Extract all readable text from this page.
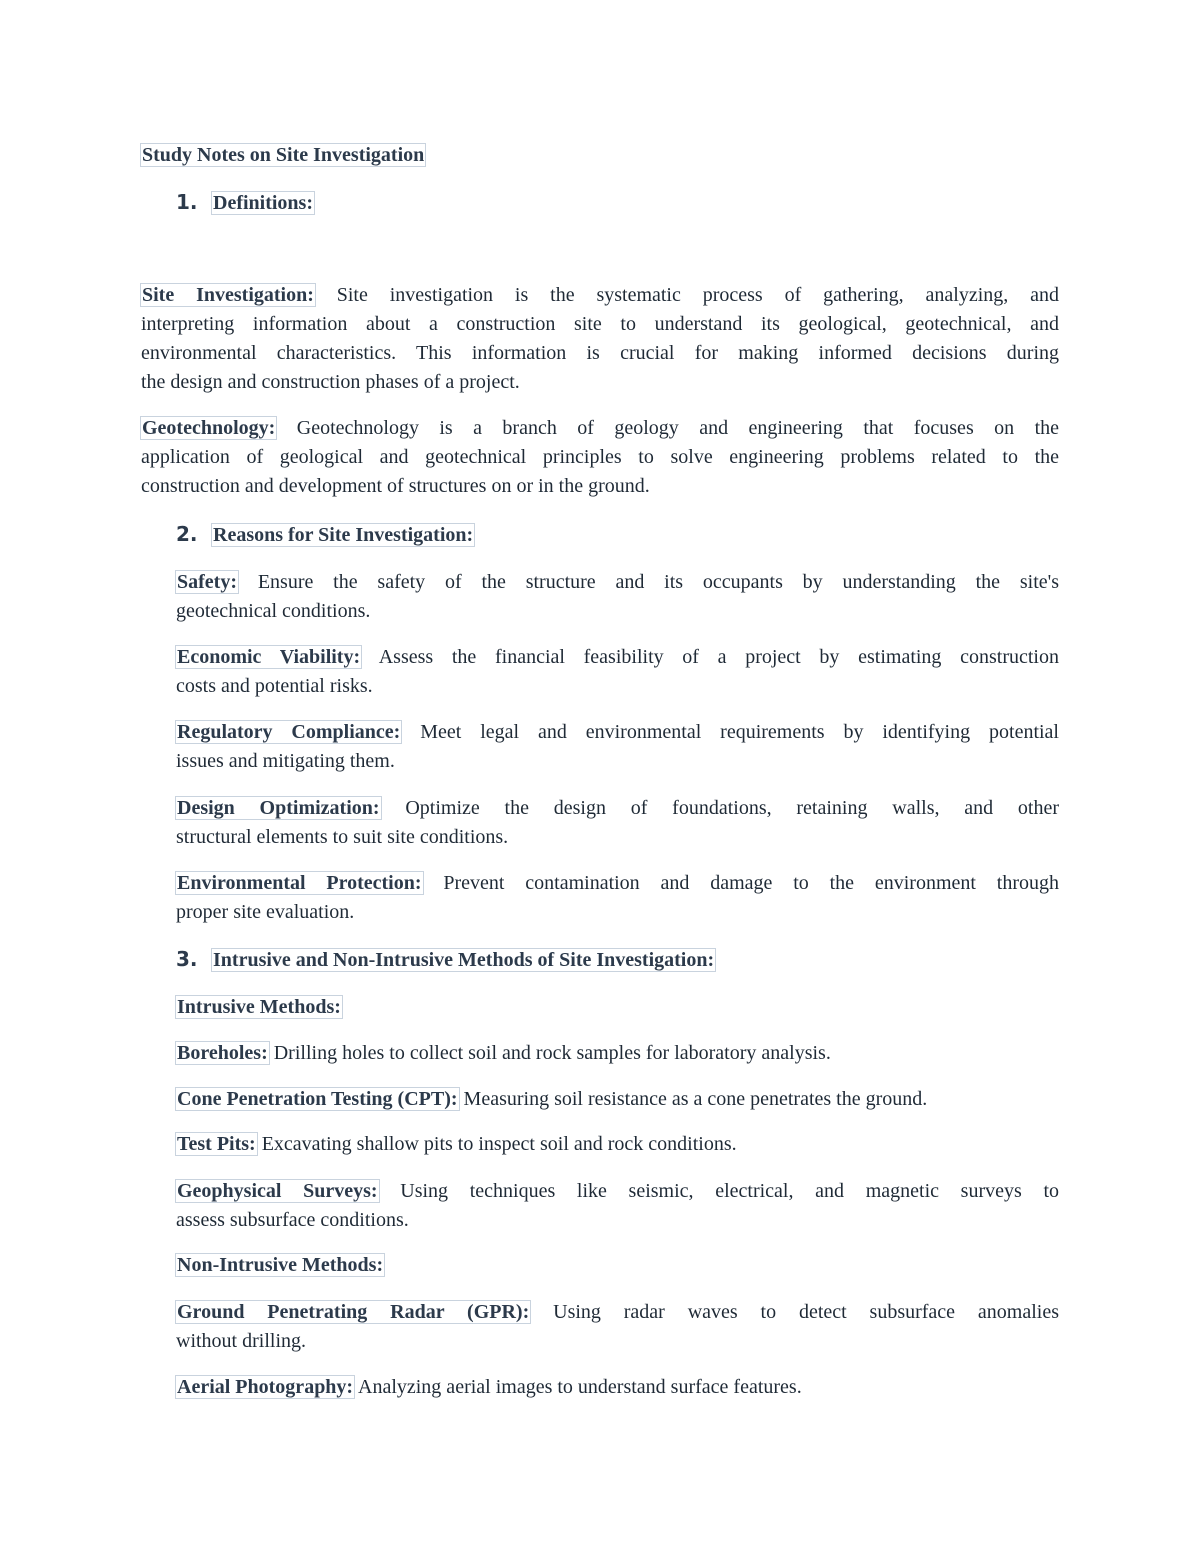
Study Notes on Site Investigation
1. Definitions:
Site Investigation: Site investigation is the systematic process of gathering, analyzing, and
interpreting information about a construction site to understand its geological, geotechnical, and
environmental characteristics. This information is crucial for making informed decisions during
the design and construction phases of a project.
Geotechnology: Geotechnology is a branch of geology and engineering that focuses on the
application of geological and geotechnical principles to solve engineering problems related to the
construction and development of structures on or in the ground.
2. Reasons for Site Investigation:
Safety: Ensure the safety of the structure and its occupants by understanding the site's
geotechnical conditions.
Economic Viability: Assess the financial feasibility of a project by estimating construction
costs and potential risks.
Regulatory Compliance: Meet legal and environmental requirements by identifying potential
issues and mitigating them.
Design Optimization: Optimize the design of foundations, retaining walls, and other
structural elements to suit site conditions.
Environmental Protection: Prevent contamination and damage to the environment through
proper site evaluation.
3. Intrusive and Non-Intrusive Methods of Site Investigation:
Intrusive Methods:
Boreholes: Drilling holes to collect soil and rock samples for laboratory analysis.
Cone Penetration Testing (CPT): Measuring soil resistance as a cone penetrates the ground.
Test Pits: Excavating shallow pits to inspect soil and rock conditions.
Geophysical Surveys: Using techniques like seismic, electrical, and magnetic surveys to
assess subsurface conditions.
Non-Intrusive Methods:
Ground Penetrating Radar (GPR): Using radar waves to detect subsurface anomalies
without drilling.
Aerial Photography: Analyzing aerial images to understand surface features.
